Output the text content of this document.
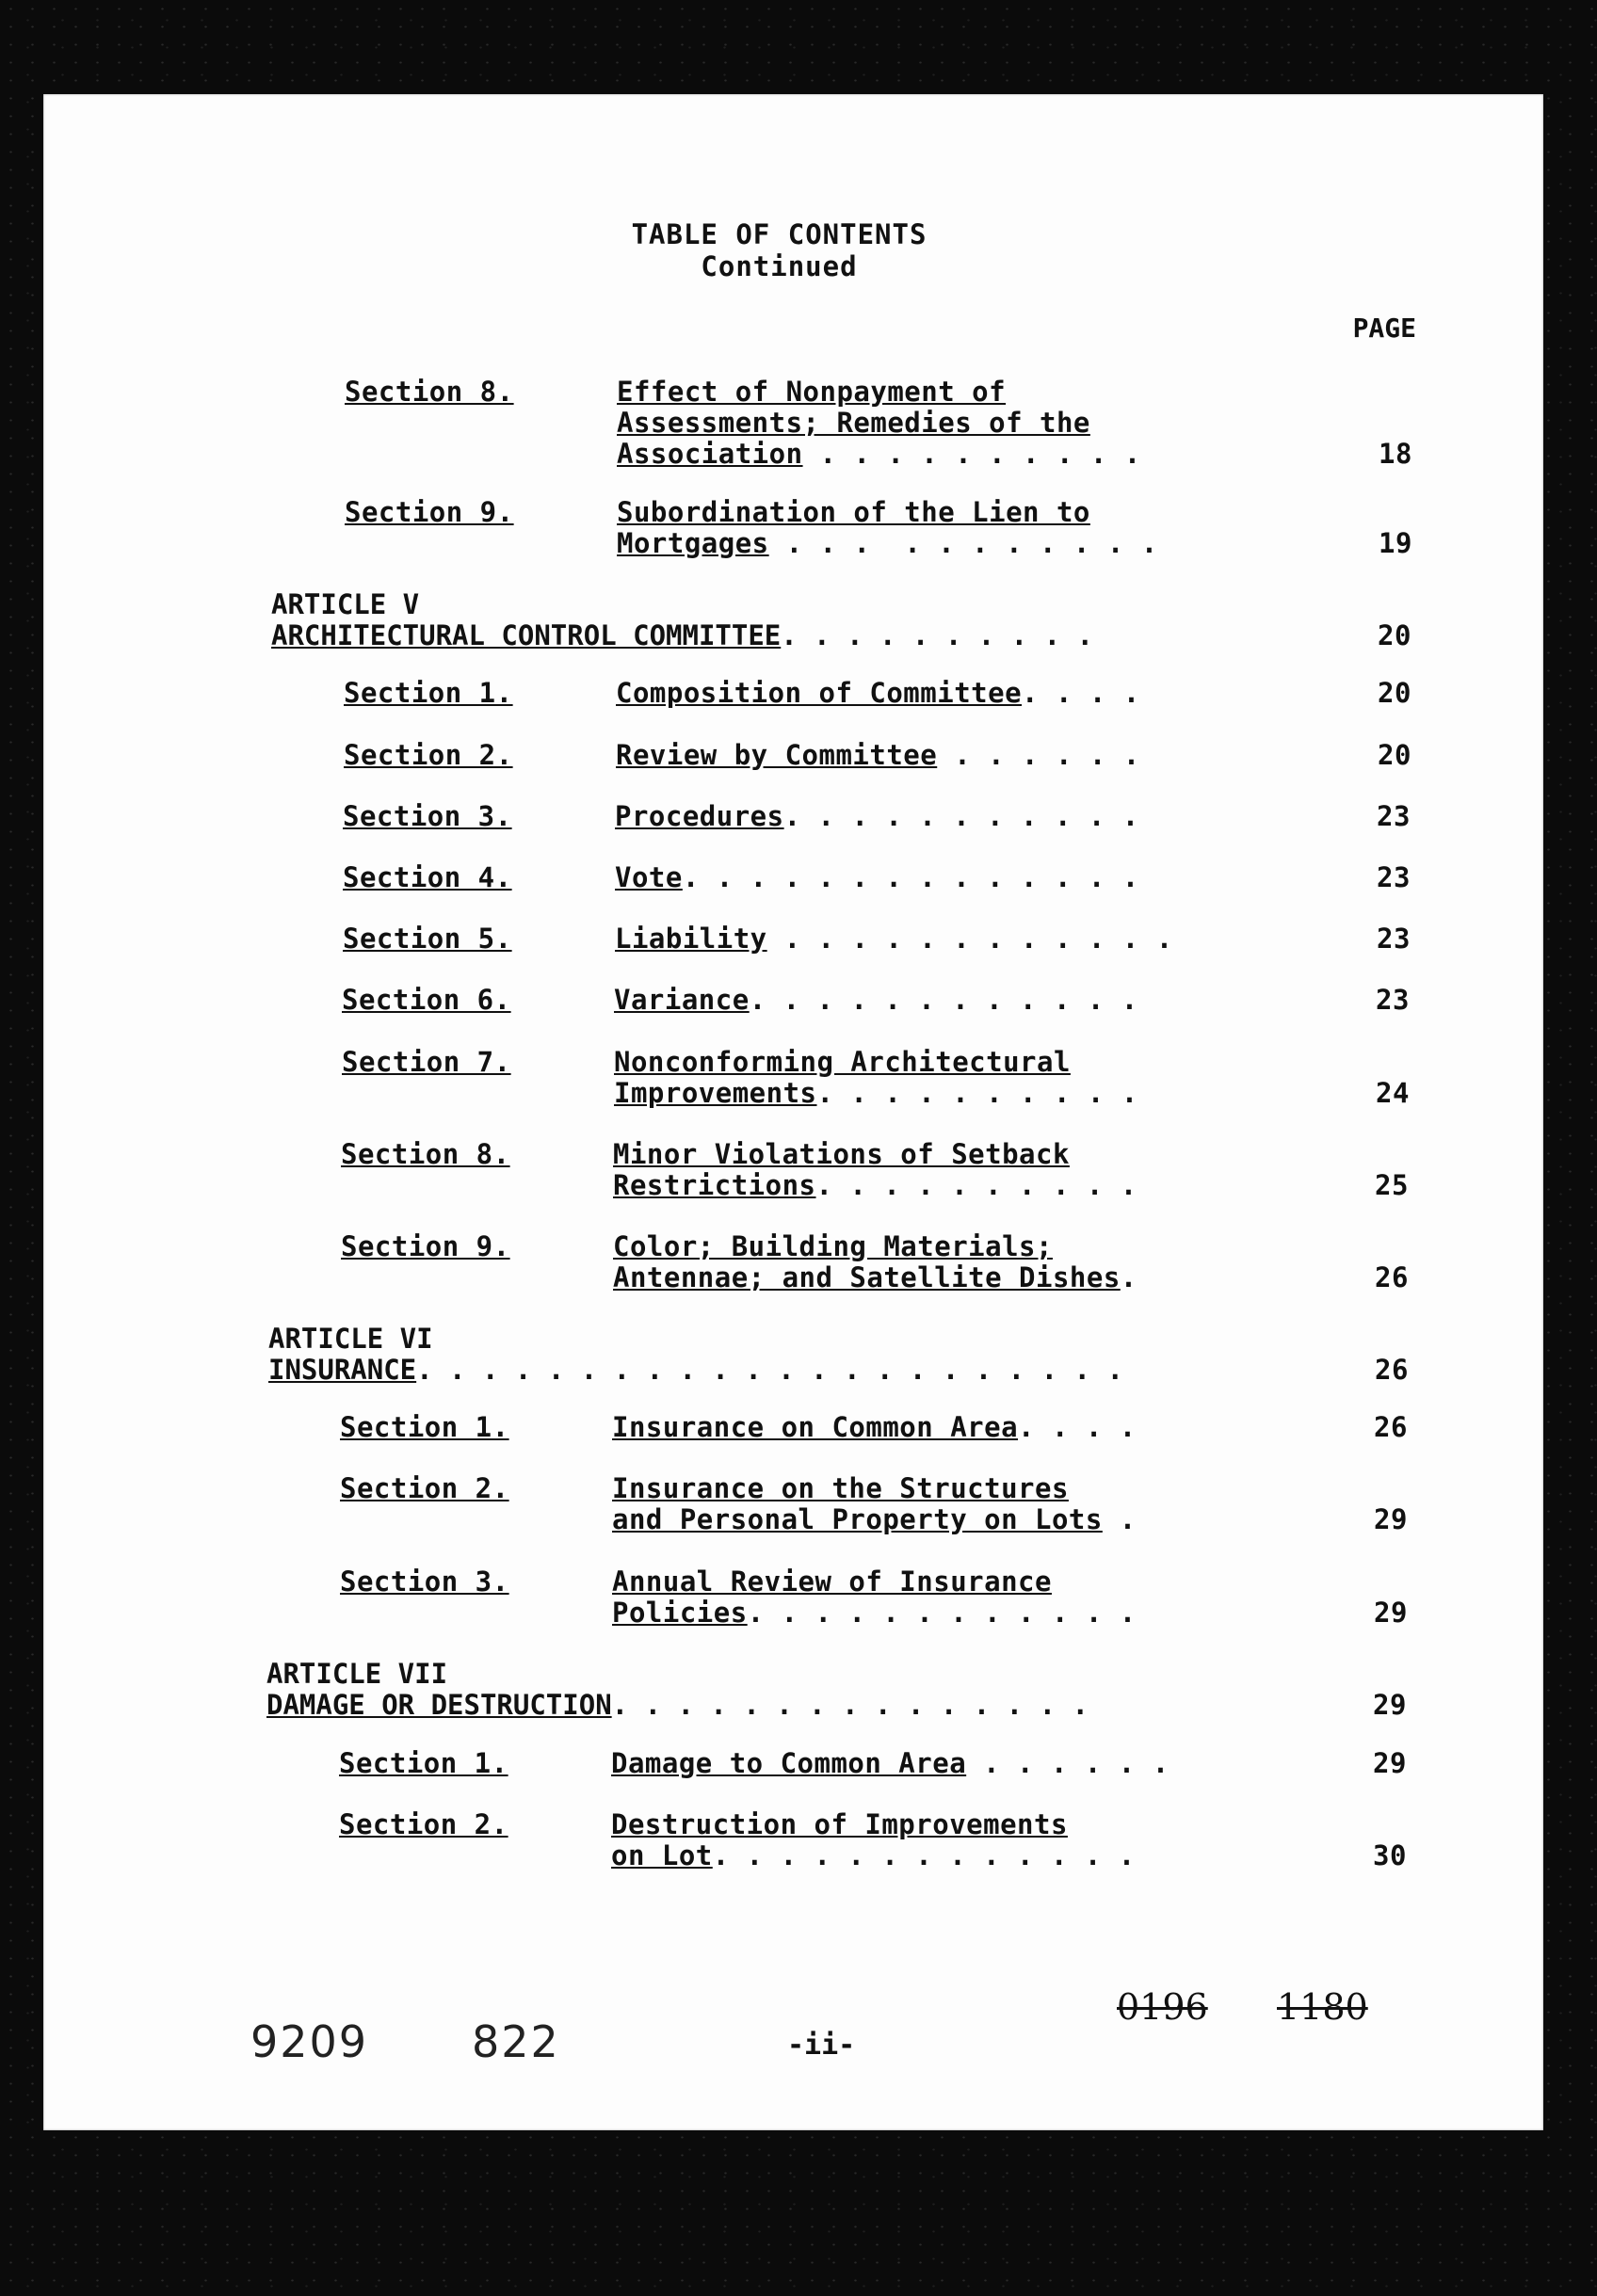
TABLE OF CONTENTS
Continued
PAGE
Section 8.	Effect of Nonpayment of
Assessments; Remedies of the
Association . . . . . . . . . .	18
Section 9.	Subordination of the Lien to
Mortgages . . .  . . . . . . . .	19
ARTICLE V
ARCHITECTURAL CONTROL COMMITTEE. . . . . . . . . .	20
Section 1.	Composition of Committee. . . .	20
Section 2.	Review by Committee . . . . . .	20
Section 3.	Procedures. . . . . . . . . . .	23
Section 4.	Vote. . . . . . . . . . . . . .	23
Section 5.	Liability . . . . . . . . . . . .	23
Section 6.	Variance. . . . . . . . . . . .	23
Section 7.	Nonconforming Architectural
Improvements. . . . . . . . . .	24
Section 8.	Minor Violations of Setback
Restrictions. . . . . . . . . .	25
Section 9.	Color; Building Materials;
Antennae; and Satellite Dishes.	26
ARTICLE VI
INSURANCE. . . . . . . . . . . . . . . . . . . . . .	26
Section 1.	Insurance on Common Area. . . .	26
Section 2.	Insurance on the Structures
and Personal Property on Lots .	29
Section 3.	Annual Review of Insurance
Policies. . . . . . . . . . . .	29
ARTICLE VII
DAMAGE OR DESTRUCTION. . . . . . . . . . . . . . .	29
Section 1.	Damage to Common Area . . . . . .	29
Section 2.	Destruction of Improvements
on Lot. . . . . . . . . . . . .	30
9209 822	-ii-
0196 1180
